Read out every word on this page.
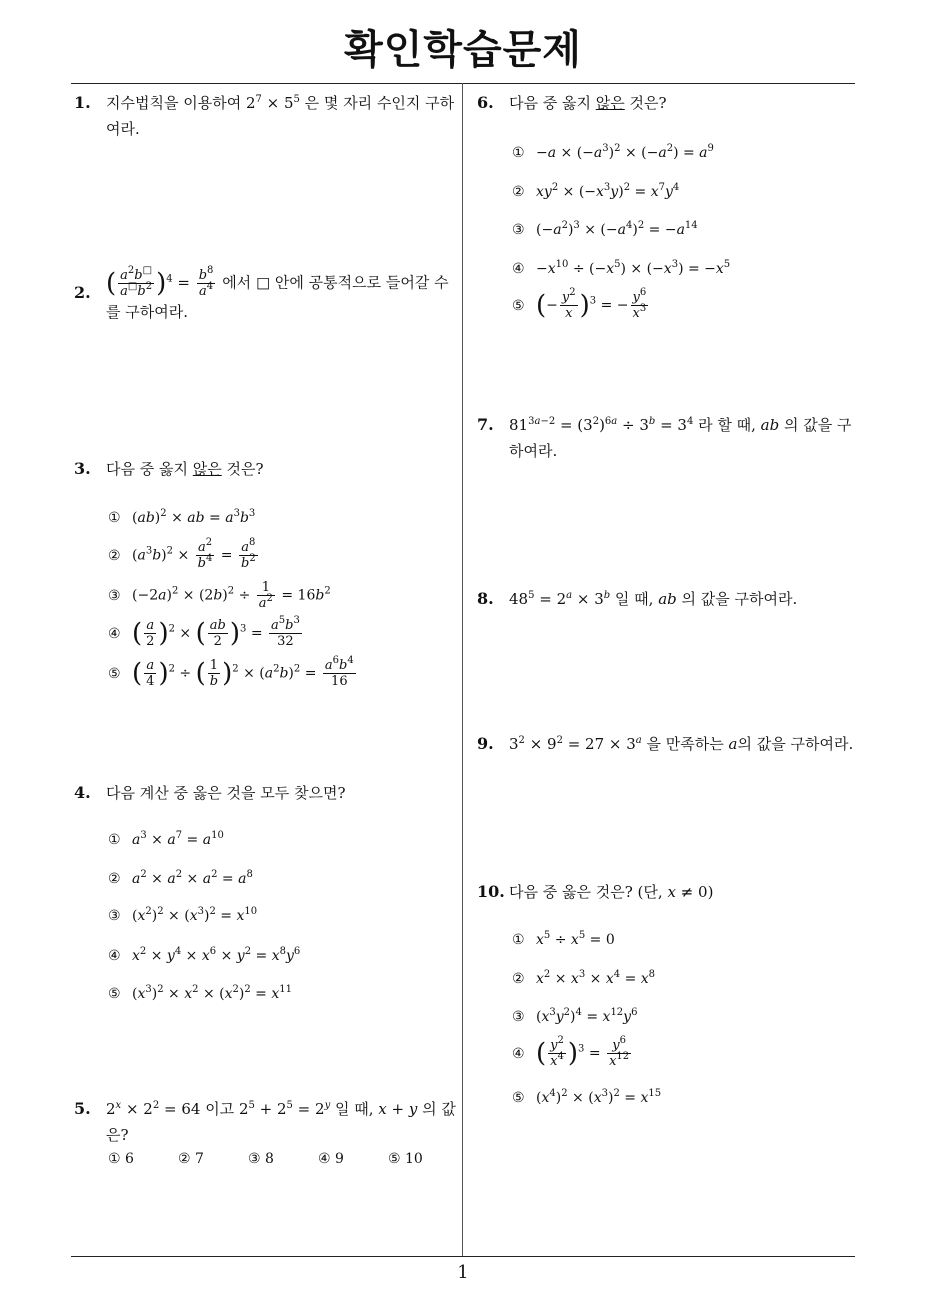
확인학습문제
1. 지수법칙을 이용하여 $2^7 \times 5^5$ 은 몇 자리 수인지 구하여라.
2. ( $\frac{a^2b^□}{a^□b^2} )^4 = \frac{b^8}{a^4}$ 에서 □ 안에 공통적으로 들어갈 수를 구하여라.
3. 다음 중 옳지 않은 것은?
① (ab)$^2$ × ab = $a^3b^3$
② $(a^3b)^2 \times \frac{a^2}{b^4} = \frac{a^8}{b^2}$
③ $(-2a)^2 \times (2b)^2 \div \frac{1}{a^2} = 16b^2$
④ ( $\frac{a}{2} )^2$ × ( $\frac{ab}{2} )^3 = \frac{a^5b^3}{32}$
⑤ ( $\frac{a}{4} )^2$ ÷ ( $\frac{1}{b} )^2 \times (a^2b)^2 = \frac{a^6b^4}{16}$
4. 다음 계산 중 옳은 것을 모두 찾으면?
① $a^3 \times a^7 = a^{10}$
② $a^2 \times a^2 \times a^2 = a^8$
③ $(x^2)^2 \times (x^3)^2 = x^{10}$
④ $x^2 \times y^4 \times x^6 \times y^2 = x^8y^6$
⑤ $(x^3)^2 \times x^2 \times (x^2)^2 = x^{11}$
5. $2^x \times 2^2 = 64$ 이고 $2^5 + 2^5 = 2^y$ 일 때, x + y 의 값은?
① 6	② 7	③ 8	④ 9	⑤ 10
6. 다음 중 옳지 않은 것은?
① $-a \times (-a^3)^2 \times (-a^2) = a^9$
② $xy^2 \times (-x^3y)^2 = x^7y^4$
③ $(-a^2)^3 \times (-a^4)^2 = -a^{14}$
④ $-x^{10} \div (-x^5) \times (-x^3) = -x^5$
⑤ (− $\frac{y^2}{x} )^3$ = − $\frac{y^6}{x^3}$
7. $81^{3a-2} = (3^2)^{6a} \div 3^b = 3^4$ 라 할 때, ab 의 값을 구하여라.
8. $48^5 = 2^a \times 3^b$ 일 때, ab 의 값을 구하여라.
9. $3^2 \times 9^2 = 27 \times 3^a$ 을 만족하는 a의 값을 구하여라.
10. 다음 중 옳은 것은? (단, x ≠ 0)
① $x^5 \div x^5 = 0$
② $x^2 \times x^3 \times x^4 = x^8$
③ $(x^3y^2)^4 = x^{12}y^6$
④ ( $\frac{y^2}{x^4} )^3 = \frac{y^6}{x^{12}}$
⑤ $(x^4)^2 \times (x^3)^2 = x^{15}$
1
